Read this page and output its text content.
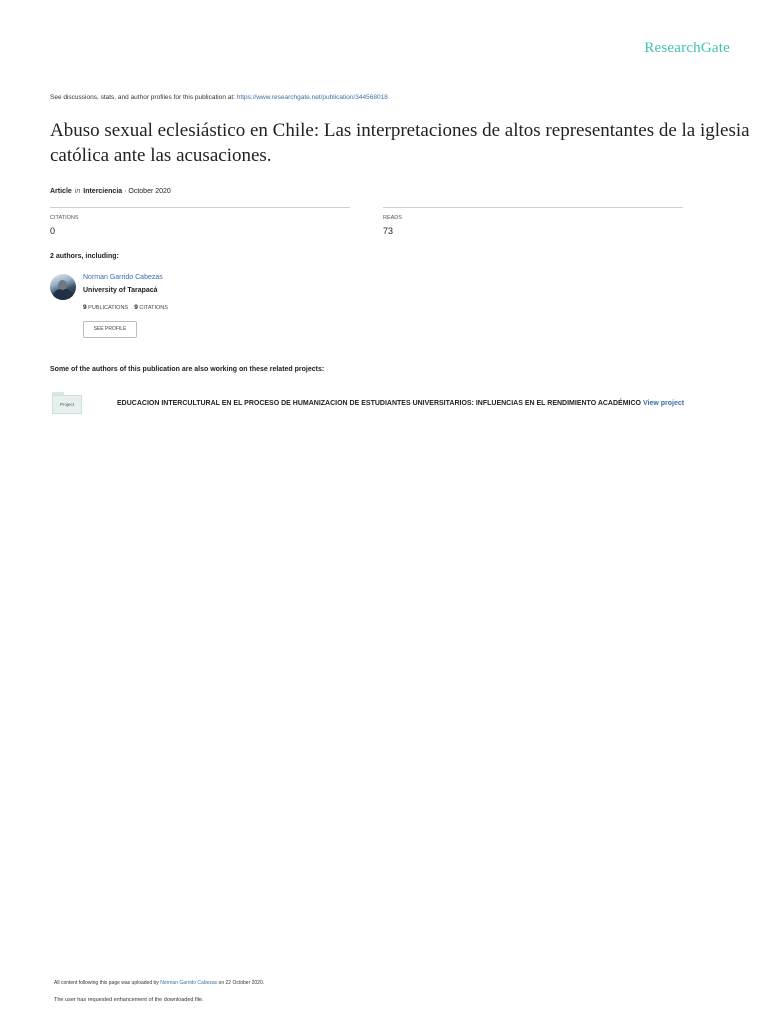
ResearchGate
See discussions, stats, and author profiles for this publication at: https://www.researchgate.net/publication/344568018
Abuso sexual eclesiástico en Chile: Las interpretaciones de altos representantes de la iglesia católica ante las acusaciones.
Article in Interciencia · October 2020
CITATIONS
0
READS
73
2 authors, including:
Norman Garrido Cabezas
University of Tarapacá
9 PUBLICATIONS 9 CITATIONS
SEE PROFILE
Some of the authors of this publication are also working on these related projects:
Project	EDUCACION INTERCULTURAL EN EL PROCESO DE HUMANIZACION DE ESTUDIANTES UNIVERSITARIOS: INFLUENCIAS EN EL RENDIMIENTO ACADÉMICO View project
All content following this page was uploaded by Norman Garrido Cabezas on 22 October 2020.
The user has requested enhancement of the downloaded file.
